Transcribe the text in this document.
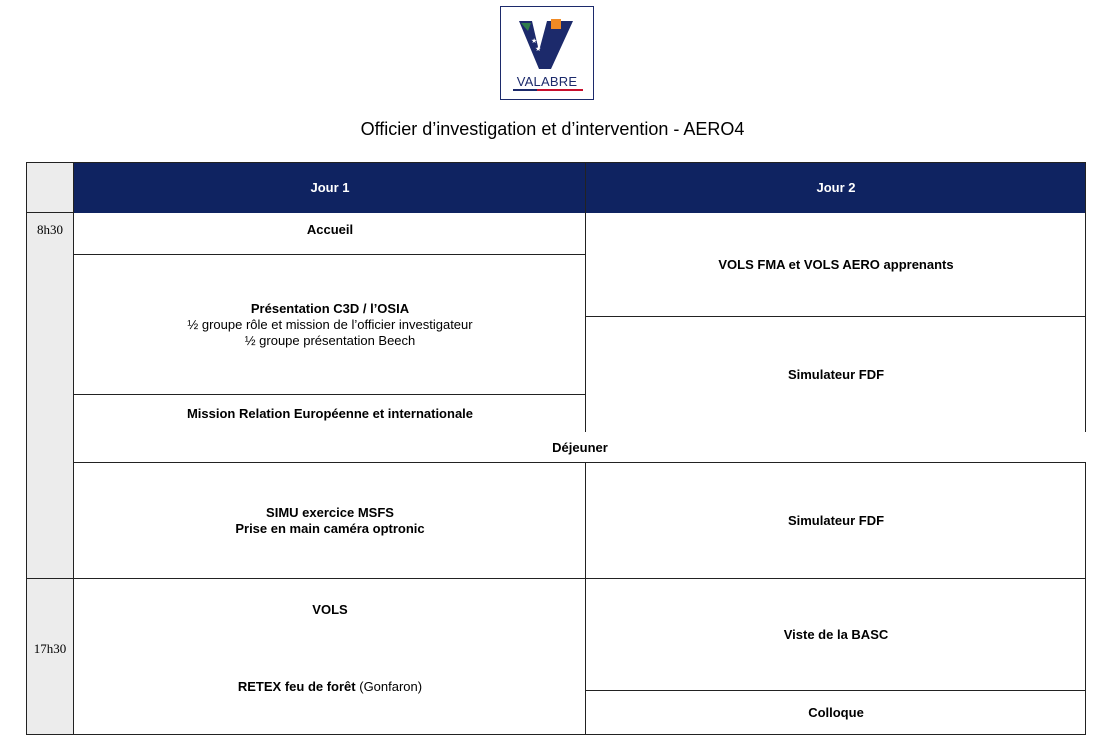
★
★
VALABRE
Officier d’investigation et d’intervention - AERO4
8h30
17h30
Jour 1	Jour 2
Accueil
Présentation C3D / l’OSIA
½ groupe rôle et mission de l’officier investigateur
½ groupe présentation Beech
Mission Relation Européenne et internationale
Déjeuner
SIMU exercice MSFS
Prise en main caméra optronic
VOLS
RETEX feu de forêt (Gonfaron)
VOLS FMA et VOLS AERO apprenants
Simulateur FDF
Simulateur FDF
Viste de la BASC
Colloque
